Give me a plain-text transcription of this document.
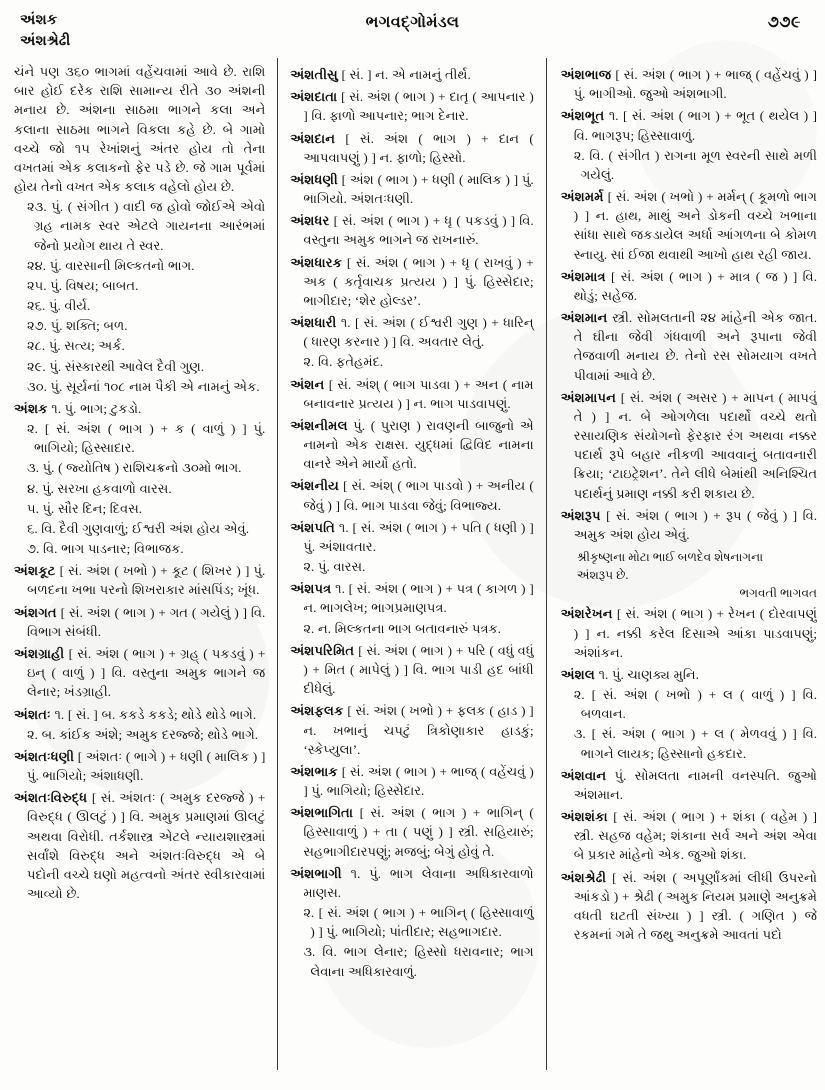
અંશક
અંશશ્રેઢી
ભગવદ્ગોમંડલ	૭૭૯

ચંને પણ ૩૬૦ ભાગમાં વહેંચવામાં આવે છે. રાશિ બાર હોઈ દરેક રાશિ સામાન્ય રીતે ૩૦ અંશની મનાય છે. અંશના સાઠમા ભાગને કલા અને કલાના સાઠમા ભાગને વિકલા કહે છે. બે ગામો વચ્ચે જો ૧૫ રેખાંશનું અંતર હોય તો તેના વખતમાં એક કલાકનો ફેર પડે છે. જે ગામ પૂર્વમાં હોય તેનો વખત એક કલાક વહેલો હોય છે.

૨૩. પું. ( સંગીત ) વાદી જ હોવો જોઈએ એવો ગ્રહ નામક સ્વર એટલે ગાયનના આરંભમાં જેનો પ્રયોગ થાય તે સ્વર.

૨૪. પું. વારસાની મિલ્કતનો ભાગ.

૨૫. પું. વિષય; બાબત.

૨૬. પું. વીર્ય.

૨૭. પું. શક્તિ; બળ.

૨૮. પું. સત્ય; અર્ક.

૨૯. પું. સંસ્કારથી આવેલ દૈવી ગુણ.

૩૦. પું. સૂર્યનાં ૧૦૮ નામ પૈકી એ નામનું એક.

અંશક ૧. પું. ભાગ; ટુકડો.

૨. [ સં. અંશ ( ભાગ ) + ક ( વાળું ) ] પું. ભાગિયો; હિસ્સાદાર.

૩. પું. ( જ્યોતિષ ) રાશિચક્રનો ૩૦મો ભાગ.

૪. પું. સરખા હકવાળો વારસ.

૫. પું. સૌર દિન; દિવસ.

૬. વિ. દૈવી ગુણવાળું; ઈશ્વરી અંશ હોય એવું.

૭. વિ. ભાગ પાડનાર; વિભાજક.

અંશકૂટ [ સં. અંશ ( ખભો ) + કૂટ ( શિખર ) ] પું. બળદના ખભા પરનો શિખરાકાર માંસપિંડ; ખૂંધ.

અંશગત [ સં. અંશ ( ભાગ ) + ગત ( ગયેલું ) ] વિ. વિભાગ સંબંધી.

અંશગ્રાહી [ સં. અંશ ( ભાગ ) + ગ્રહ્ ( પકડવું ) + ઇન્ ( વાળું ) ] વિ. વસ્તુના અમુક ભાગને જ લેનાર; ખંડગ્રાહી.

અંશતઃ ૧. [ સં. ] બ. કકડે કકડે; થોડે થોડે ભાગે.

૨. બ. કાંઈક અંશે; અમુક દરજ્જે; થોડે ભાગે.

અંશતઃધણી [ અંશતઃ ( ભાગે ) + ધણી ( માલિક ) ] પું. ભાગિયો; અંશાધણી.

અંશતઃવિરુદ્ધ [ સં. અંશતઃ ( અમુક દરજ્જે ) + વિરુદ્ધ ( ઊલટું ) ] વિ. અમુક પ્રમાણમાં ઊલટું અથવા વિરોધી. તર્કશાસ્ત્ર એટલે ન્યાયશાસ્ત્રમાં સર્વાંશે વિરુદ્ધ અને અંશતઃવિરુદ્ધ એ બે પદોની વચ્ચે ઘણો મહત્વનો અંતર સ્વીકારવામાં આવ્યો છે.

અંશતીસુ [ સં. ] ન. એ નામનું તીર્થ.

અંશદાતા [ સં. અંશ ( ભાગ ) + દાતૃ ( આપનાર ) ] વિ. ફાળો આપનાર; ભાગ દેનાર.

અંશદાન [ સં. અંશ ( ભાગ ) + દાન ( આપવાપણું ) ] ન. ફાળો; હિસ્સો.

અંશધણી [ અંશ ( ભાગ ) + ધણી ( માલિક ) ] પું. ભાગિયો. અંશતઃધણી.

અંશધર [ સં. અંશ ( ભાગ ) + ધૃ ( પકડવું ) ] વિ. વસ્તુના અમુક ભાગને જ રાખનારું.

અંશધારક [ સં. અંશ ( ભાગ ) + ધૃ ( રાખવું ) + અક ( કર્તૃવાચક પ્રત્યય ) ] પું. હિસ્સેદાર; ભાગીદાર; ‘શેર હોલ્ડર’.

અંશધારી ૧. [ સં. અંશ ( ઈશ્વરી ગુણ ) + ધારિન્ ( ધારણ કરનાર ) ] વિ. અવતાર લેતું.

૨. વિ. ફતેહમંદ.

અંશન [ સં. અંશ્ ( ભાગ પાડવા ) + અન ( નામ બનાવનાર પ્રત્યય ) ] ન. ભાગ પાડવાપણું.

અંશનીમલ પું. ( પુરાણ ) રાવણની બાજુનો એ નામનો એક રાક્ષસ. યુદ્ધમાં દ્વિવિદ નામના વાનરે એને માર્યો હતો.

અંશનીય [ સં. અંશ્ ( ભાગ પાડવો ) + અનીય ( જેવું ) ] વિ. ભાગ પાડવા જેવું; વિભાજ્ય.

અંશપતિ ૧. [ સં. અંશ ( ભાગ ) + પતિ ( ધણી ) ] પું. અંશાવતાર.

૨. પું. વારસ.

અંશપત્ર ૧. [ સં. અંશ ( ભાગ ) + પત્ર ( કાગળ ) ] ન. ભાગલેખ; ભાગપ્રમાણપત્ર.

૨. ન. મિલ્કતના ભાગ બતાવનારું પત્રક.

અંશપરિમિત [ સં. અંશ ( ભાગ ) + પરિ ( વધું વધું ) + મિત ( માપેલું ) ] વિ. ભાગ પાડી હદ બાંધી દીધેલું.

અંશફલક [ સં. અંશ ( ખભો ) + ફલક ( હાડ ) ] ન. ખભાનું ચપટું ત્રિકોણાકાર હાડકું; ‘સ્કેપ્યુલા’.

અંશભાક [ સં. અંશ ( ભાગ ) + ભાજ્ ( વહેંચવું ) ] પું. ભાગિયો; હિસ્સેદાર.

અંશભાગિતા [ સં. અંશ ( ભાગ ) + ભાગિન્ ( હિસ્સાવાળું ) + તા ( પણું ) ] સ્ત્રી. સહિયારું; સહભાગીદારપણું; મજબું; બેગું હોવું તે.

અંશભાગી ૧. પું. ભાગ લેવાના અધિકારવાળો માણસ.

૨. [ સં. અંશ ( ભાગ ) + ભાગિન્ ( હિસ્સાવાળું ) ] પું. ભાગિયો; પાંતીદાર; સહભાગદાર.

૩. વિ. ભાગ લેનાર; હિસ્સો ધરાવનાર; ભાગ લેવાના અધિકારવાળું.

અંશભાજ [ સં. અંશ ( ભાગ ) + ભાજ્ ( વહેંચવું ) ] પું. ભાગીઓ. જુઓ અંશભાગી.

અંશભૂત ૧. [ સં. અંશ ( ભાગ ) + ભૂત ( થયેલ ) ] વિ. ભાગરૂપ; હિસ્સાવાળું.

૨. વિ. ( સંગીત ) રાગના મૂળ સ્વરની સાથે મળી ગયેલું.

અંશમર્મ [ સં. અંશ ( ખભો ) + મર્મન્ ( કૂમળો ભાગ ) ] ન. હાથ, માથું અને ડોકની વચ્ચે ખભાના સાંધા સાથે જકડાયેલ અર્ધા આંગળના બે કોમળ સ્નાયુ. સાં ઈજા થવાથી આખો હાથ રહી જાય.

અંશમાત્ર [ સં. અંશ ( ભાગ ) + માત્ર ( જ ) ] વિ. થોડું; સહેજ.

અંશમાન સ્ત્રી. સોમલતાની ૨૪ માંહેની એક જાત. તે ઘીના જેવી ગંધવાળી અને રૂપાના જેવી તેજવાળી મનાય છે. તેનો રસ સોમયાગ વખતે પીવામાં આવે છે.

અંશમાપન [ સં. અંશ ( અસર ) + માપન ( માપવું તે ) ] ન. બે ઓગળેલા પદાર્થો વચ્ચે થતો રસાયણિક સંયોગનો ફેરફાર રંગ અથવા નક્કર પદાર્થ રૂપે બહાર નીકળી આવવાનું બતાવનારી ક્રિયા; ‘ટાઇટ્રેશન’. તેને લીધે બેમાંથી અનિશ્ચિત પદાર્થનું પ્રમાણ નક્કી કરી શકાય છે.

અંશરૂપ [ સં. અંશ ( ભાગ ) + રૂપ ( જેવું ) ] વિ. અમુક અંશ હોય એવું.

શ્રીકૃષ્ણના મોટા ભાઈ બળદેવ શેષનાગના
અંશરૂપ છે.
ભગવતી ભાગવત

અંશરેખન [ સં. અંશ ( ભાગ ) + રેખન ( દોરવાપણું ) ] ન. નક્કી કરેલ દિસાએ આંકા પાડવાપણું; અંશાંકન.

અંશલ ૧. પું. ચાણક્ય મુનિ.

૨. [ સં. અંશ ( ખભો ) + લ ( વાળું ) ] વિ. બળવાન.

૩. [ સં. અંશ ( ભાગ ) + લ ( મેળવવું ) ] વિ. ભાગને લાયક; હિસ્સાનો હકદાર.

અંશવાન પું. સોમલતા નામની વનસ્પતિ. જુઓ અંશમાન.

અંશશંકા [ સં. અંશ ( ભાગ ) + શંકા ( વહેમ ) ] સ્ત્રી. સહજ વહેમ; શંકાના સર્વ અને અંશ એવા બે પ્રકાર માંહેનો એક. જુઓ શંકા.

અંશશ્રેઢી [ સં. અંશ ( અપૂર્ણાંકમાં લીધી ઉપરનો આંકડો ) + શ્રેઢી ( અમુક નિયમ પ્રમાણે અનુક્રમે વધતી ઘટતી સંખ્યા ) ] સ્ત્રી. ( ગણિત ) જે રકમનાં ગમે તે જથુ અનુક્રમે આવતાં પદો
